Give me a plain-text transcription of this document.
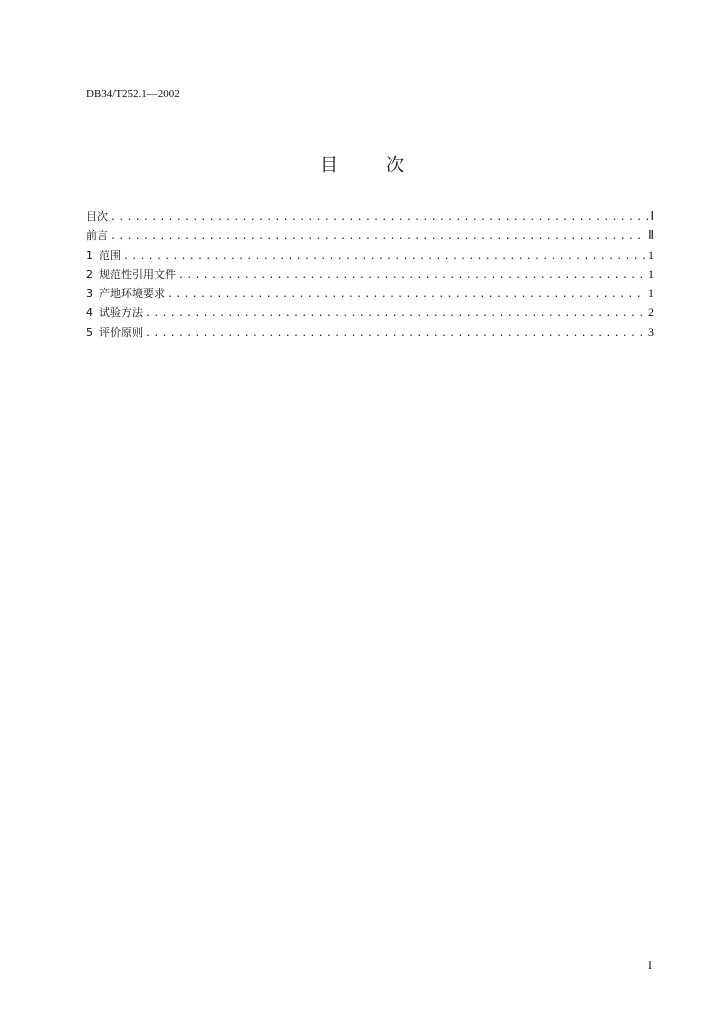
DB34/T252.1—2002
目	次
目次 .....	Ⅰ
前言 .....	Ⅱ
1 范围 .....	1
2 规范性引用文件 .....	1
3 产地环境要求 .....	1
4 试验方法 .....	2
5 评价原则 .....	3
I
